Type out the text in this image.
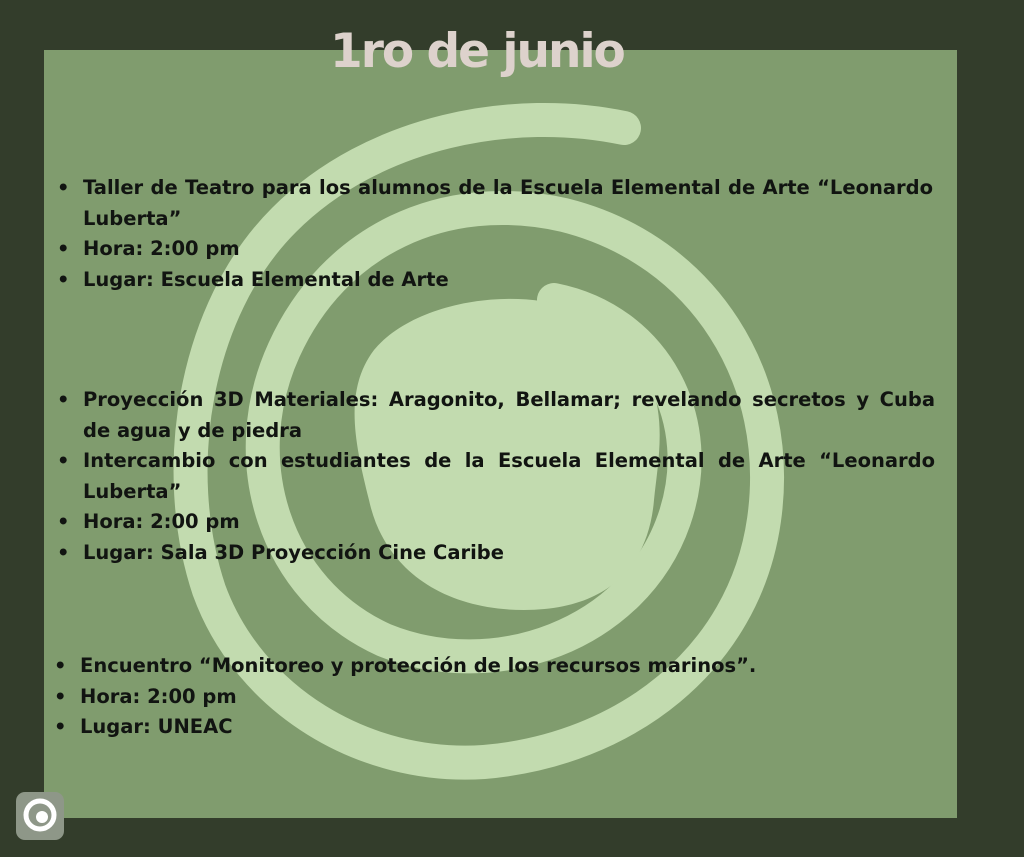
1ro de junio
• Taller de Teatro para los alumnos de la Escuela Elemental de Arte “Leonardo Luberta”
• Hora: 2:00 pm
• Lugar: Escuela Elemental de Arte
• Proyección 3D Materiales: Aragonito, Bellamar; revelando secretos y Cuba de agua y de piedra
• Intercambio con estudiantes de la Escuela Elemental de Arte “Leonardo Luberta”
• Hora: 2:00 pm
• Lugar: Sala 3D Proyección Cine Caribe
• Encuentro “Monitoreo y protección de los recursos marinos”.
• Hora: 2:00 pm
• Lugar: UNEAC
